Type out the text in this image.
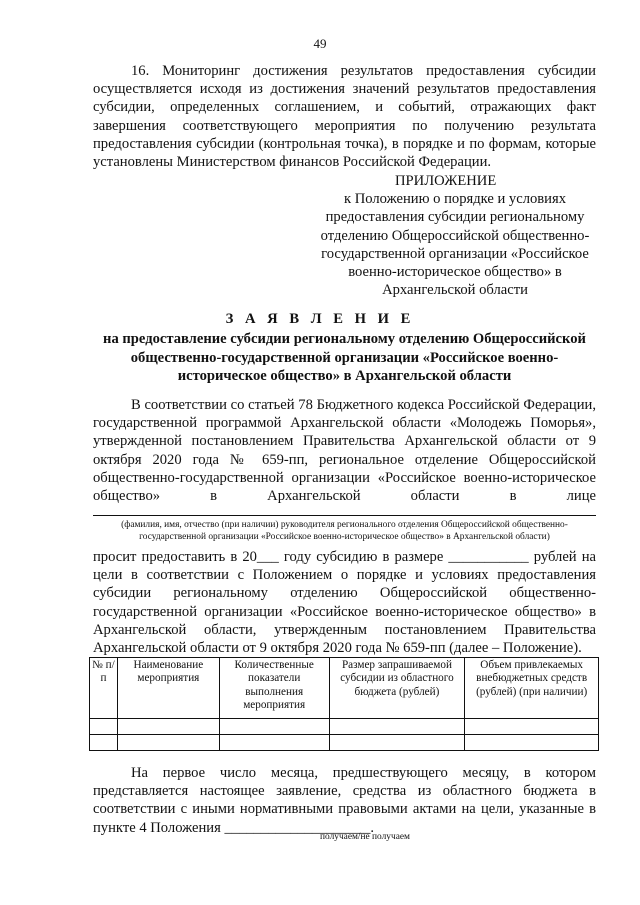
49
16. Мониторинг достижения результатов предоставления субсидии осуществляется исходя из достижения значений результатов предоставления субсидии, определенных соглашением, и событий, отражающих факт завершения соответствующего мероприятия по получению результата предоставления субсидии (контрольная точка), в порядке и по формам, которые установлены Министерством финансов Российской Федерации.
ПРИЛОЖЕНИЕ
к Положению о порядке и условиях предоставления субсидии региональному отделению Общероссийской общественно-государственной организации «Российское военно-историческое общество» в Архангельской области
З А Я В Л Е Н И Е
на предоставление субсидии региональному отделению Общероссийской общественно-государственной организации «Российское военно-историческое общество» в Архангельской области
В соответствии со статьей 78 Бюджетного кодекса Российской Федерации, государственной программой Архангельской области «Молодежь Поморья», утвержденной постановлением Правительства Архангельской области от 9 октября 2020 года № 659-пп, региональное отделение Общероссийской общественно-государственной организации «Российское военно-историческое общество» в Архангельской области в лице
(фамилия, имя, отчество (при наличии) руководителя регионального отделения Общероссийской общественно-государственной организации «Российское военно-историческое общество» в Архангельской области)
просит предоставить в 20___ году субсидию в размере ___________ рублей на цели в соответствии с Положением о порядке и условиях предоставления субсидии региональному отделению Общероссийской общественно-государственной организации «Российское военно-историческое общество» в Архангельской области, утвержденным постановлением Правительства Архангельской области от 9 октября 2020 года № 659-пп (далее – Положение).
№ п/п	Наименование мероприятия	Количественные показатели выполнения мероприятия	Размер запрашиваемой субсидии из областного бюджета (рублей)	Объем привлекаемых внебюджетных средств (рублей) (при наличии)

На первое число месяца, предшествующего месяцу, в котором представляется настоящее заявление, средства из областного бюджета в соответствии с иными нормативными правовыми актами на цели, указанные в пункте 4 Положения ____________________.
получаем/не получаем
